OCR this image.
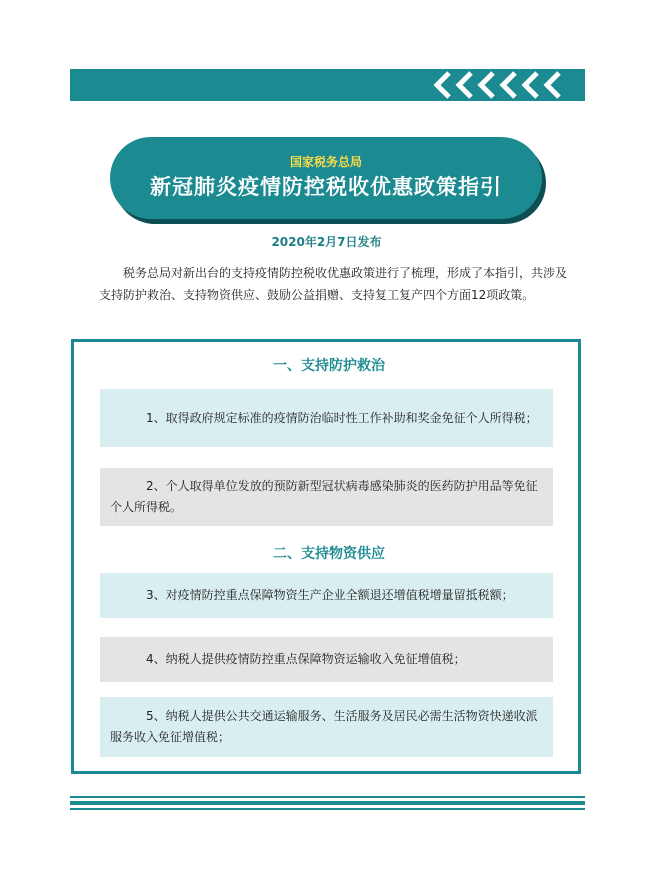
国家税务总局
新冠肺炎疫情防控税收优惠政策指引
2020年2月7日发布

税务总局对新出台的支持疫情防控税收优惠政策进行了梳理，形成了本指引，共涉及支持防护救治、支持物资供应、鼓励公益捐赠、支持复工复产四个方面12项政策。

一、支持防护救治
二、支持物资供应

1、取得政府规定标准的疫情防治临时性工作补助和奖金免征个人所得税；

2、个人取得单位发放的预防新型冠状病毒感染肺炎的医药防护用品等免征个人所得税。

3、对疫情防控重点保障物资生产企业全额退还增值税增量留抵税额；

4、纳税人提供疫情防控重点保障物资运输收入免征增值税；

5、纳税人提供公共交通运输服务、生活服务及居民必需生活物资快递收派服务收入免征增值税；
